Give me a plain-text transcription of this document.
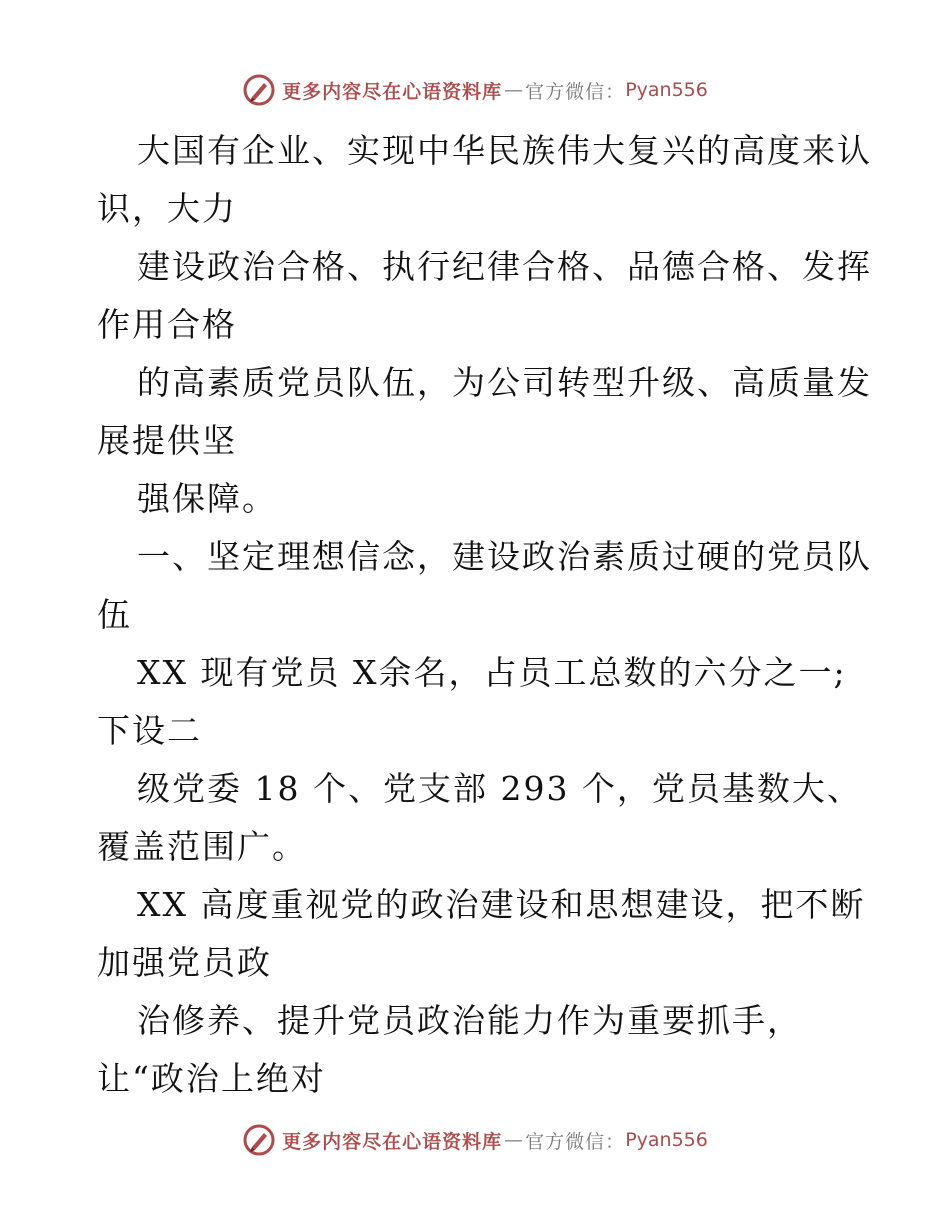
更多内容尽在心语资料库 — 官方微信： Pyan556
大国有企业、实现中华民族伟大复兴的高度来认
识，大力
建设政治合格、执行纪律合格、品德合格、发挥
作用合格
的高素质党员队伍，为公司转型升级、高质量发
展提供坚
强保障。
一、坚定理想信念，建设政治素质过硬的党员队
伍
XX 现有党员 X余名，占员工总数的六分之一;
下设二
级党委 18 个、党支部 293 个，党员基数大、
覆盖范围广。
XX 高度重视党的政治建设和思想建设，把不断
加强党员政
治修养、提升党员政治能力作为重要抓手，
让“政治上绝对
更多内容尽在心语资料库 — 官方微信： Pyan556
